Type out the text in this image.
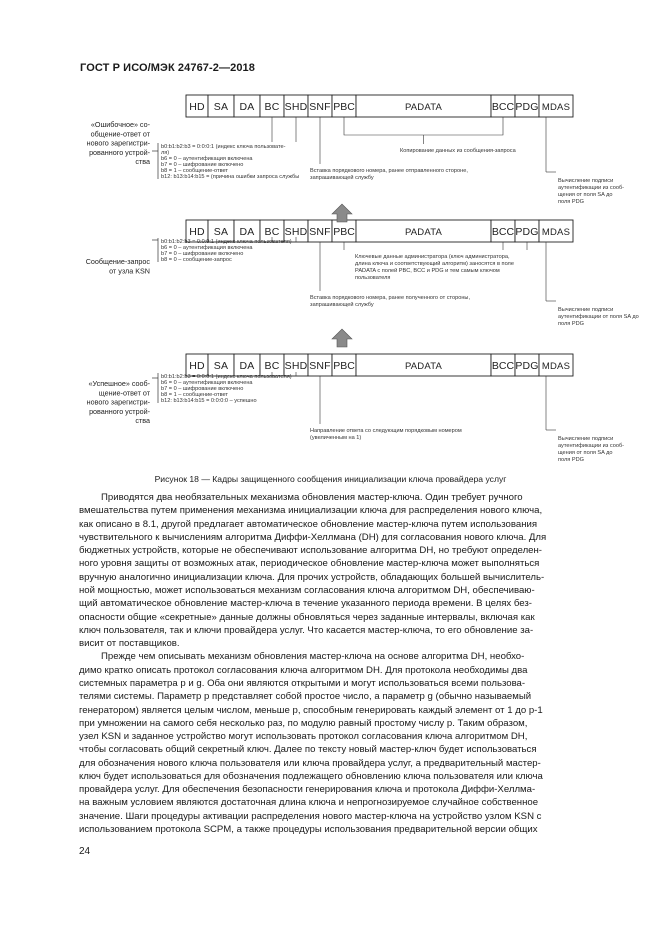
ГОСТ Р ИСО/МЭК 24767-2—2018
HD SA DA BC SHD SNF PBC	PADATA	BCC PDG MDAS
«Ошибочное» со-
общение-ответ от
нового зарегистри-
рованного устрой-
ства
b0:b1:b2:b3 = 0:0:0:1 (индекс ключа пользовате-
ля)
b6 = 0 – аутентификация включена
b7 = 0 – шифрование включено
b8 = 1 – сообщение-ответ
b12: b13:b14:b15 = (причина ошибки запроса службы
Вставка порядкового номера, ранее отправленного стороне,
запрашивающей службу
Копирование данных из сообщения-запроса
Вычисление подписи
аутентификации из сооб-
щения от поля SA до
поля PDG
HD SA DA BC SHD SNF PBC	PADATA	BCC PDG MDAS
Сообщение-запрос
от узла KSN
b0:b1:b2:b3 = 0:0:0:1 (индекс ключа пользователя)
b6 = 0 – аутентификация включена
b7 = 0 – шифрование включено
b8 = 0 – сообщение-запрос
Вставка порядкового номера, ранее полученного от стороны,
запрашивающей службу
Ключевые данные администратора (ключ администратора,
длина ключа и соответствующий алгоритм) заносятся в поле
PADATA с полей PBC, BCC и PDG и тем самым ключом
пользователя
Вычисление подписи
аутентификации от поля SA до
поля PDG
HD SA DA BC SHD SNF PBC	PADATA	BCC PDG MDAS
«Успешное» сооб-
щение-ответ от
нового зарегистри-
рованного устрой-
ства
b0:b1:b2:b3 = 0:0:0:1 (индекс ключа пользователя)
b6 = 0 – аутентификация включена
b7 = 0 – шифрование включено
b8 = 1 – сообщение-ответ
b12: b13:b14:b15 = 0:0:0:0 – успешно
Направление ответа со следующим порядковым номером
(увеличенным на 1)	Вычисление подписи
аутентификации из сооб-
щения от поля SA до
поля PDG
Рисунок 18 — Кадры защищенного сообщения инициализации ключа провайдера услуг

Приводятся два необязательных механизма обновления мастер-ключа. Один требует ручного
вмешательства путем применения механизма инициализации ключа для распределения нового ключа,
как описано в 8.1, другой предлагает автоматическое обновление мастер-ключа путем использования
чувствительного к вычислениям алгоритма Диффи-Хеллмана (DH) для согласования нового ключа. Для
бюджетных устройств, которые не обеспечивают использование алгоритма DH, но требуют определен-
ного уровня защиты от возможных атак, периодическое обновление мастер-ключа может выполняться
вручную аналогично инициализации ключа. Для прочих устройств, обладающих большей вычислитель-
ной мощностью, может использоваться механизм согласования ключа алгоритмом DH, обеспечиваю-
щий автоматическое обновление мастер-ключа в течение указанного периода времени. В целях без-
опасности общие «секретные» данные должны обновляться через заданные интервалы, включая как
ключ пользователя, так и ключи провайдера услуг. Что касается мастер-ключа, то его обновление за-
висит от поставщиков.

Прежде чем описывать механизм обновления мастер-ключа на основе алгоритма DH, необхо-
димо кратко описать протокол согласования ключа алгоритмом DH. Для протокола необходимы два
системных параметра p и g. Оба они являются открытыми и могут использоваться всеми пользова-
телями системы. Параметр p представляет собой простое число, а параметр g (обычно называемый
генератором) является целым числом, меньше p, способным генерировать каждый элемент от 1 до p-1
при умножении на самого себя несколько раз, по модулю равный простому числу p. Таким образом,
узел KSN и заданное устройство могут использовать протокол согласования ключа алгоритмом DH,
чтобы согласовать общий секретный ключ. Далее по тексту новый мастер-ключ будет использоваться
для обозначения нового ключа пользователя или ключа провайдера услуг, а предварительный мастер-
ключ будет использоваться для обозначения подлежащего обновлению ключа пользователя или ключа
провайдера услуг. Для обеспечения безопасности генерирования ключа и протокола Диффи-Хеллма-
на важным условием являются достаточная длина ключа и непрогнозируемое случайное собственное
значение. Шаги процедуры активации распределения нового мастер-ключа на устройство узлом KSN с
использованием протокола SCPM, а также процедуры использования предварительной версии общих

24
